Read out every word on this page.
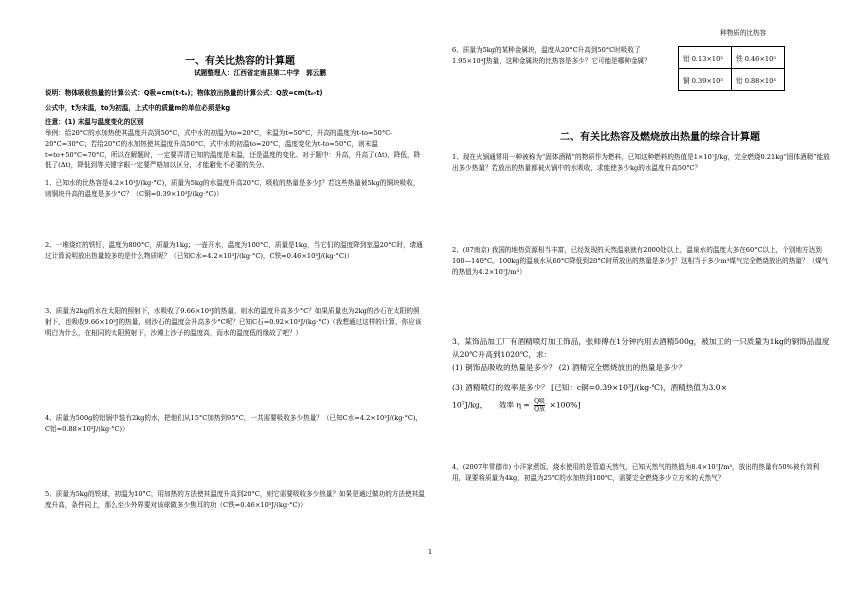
一、有关比热容的计算题

试题整理人：江西省定南县第二中学　郭云鹏

说明：物体吸收热量的计算公式：Q吸=cm(t-t₀)；物体放出热量的计算公式：Q放=cm(t₀-t)

公式中，t为末温，to为初温，上式中的质量m的单位必须是kg

注意：(1) 末温与温度变化的区别

举例：给20°C的水加热使其温度升高到50°C，式中水的初温为to=20°C，末温为t=50°C，升高的温度为t-to=50°C-20°C=30°C；若给20°C的水加热使其温度升高50°C，式中水的初温to=20°C，温度变化为t-to=50°C，则末温t=to+50°C=70°C，所以在解题时，一定要弄清已知的温度是末温，还是温度的变化。对于题中：升高，升高了(Δt)，降低，降低了(Δt)，降低到等关键字眼一定要严格加以区分，才能避免不必要的失分。

1、已知水的比热容是4.2×10³J/(kg·°C)，质量为5kg的水温度升高20°C，吸收的热量是多少J？若这些热量被5kg的铜块吸收，则铜块升高的温度是多少°C？（C铜=0.39×10³J/(kg·°C)）

2、一堆烧红的铁钉，温度为800°C，质量为1kg；一壶开水，温度为100°C，质量是1kg，当它们的温度降到室温20°C时，请通过计算说明放出热量较多的是什么物质呢？（已知C水=4.2×10³J/(kg·°C)，C铁=0.46×10³J/(kg·°C)）

3、质量为2kg的水在太阳的照射下，水吸收了9.66×10³J的热量，则水的温度升高多少°C？如果质量也为2kg的沙石在太阳的照射下，也吸收9.66×10³J的热量，则沙石的温度会升高多少°C呢？已知C石=0.92×10³J/(kg·°C)（我想通过这样的计算，你应该明白为什么，在相同的太阳照射下，沙滩上沙子的温度高，而水的温度低的缘故了吧？）

4、质量为500g的铝锅中装有2kg的水，把他们从15°C加热到95°C，一共需要吸收多少热量？（已知C水=4.2×10³J/(kg·°C)，C铝=0.88×10³J/(kg·°C)）

5、质量为5kg的铁球，初温为10°C，用加热的方法使其温度升高到20°C，则它需要吸收多少热量？如果是通过做功的方法使其温度升高，条件同上，那么至少外界要对该球做多少焦耳的功（C铁=0.46×10³J/(kg·°C)）

6、质量为5kg的某种金属块，温度从20°C升高到50°C时吸收了1.95×10⁴J热量，这种金属块的比热容是多少？它可能是哪种金属？

种物质的比热容

铝 0.13×10³	铁 0.46×10³
铜 0.39×10³	铝 0.88×10³
二、有关比热容及燃烧放出热量的综合计算题

1、现在火锅通常用一种被称为“固体酒精”的物质作为燃料，已知这种燃料的热值是1×10⁷J/kg，完全燃烧0.21kg“固体酒精”能放出多少热量？若放出的热量都被火锅中的水吸收，求能使多少kg的水温度升高50°C？

2、(07南京) 我国的地热资源相当丰富，已经发现的天然温泉就有2000处以上，温泉水的温度大多在60°C以上，个别地方达到100—140°C。100kg的温泉水从60°C降低到20°C时所放出的热量是多少J？这相当于多少m³煤气完全燃烧放出的热量？（煤气的热值为4.2×10⁷J/m³）

3、某饰品加工厂有酒精喷灯加工饰品，张师傅在1分钟内用去酒精500g，被加工的一只质量为1kg的铜饰品温度从20℃升高到1020℃，求：

(1) 铜饰品吸收的热量是多少？ (2) 酒精完全燃烧放出的热量是多少？

(3) 酒精喷灯的效率是多少？ [已知：c铜=0.39×10³J/(kg·℃)，酒精热值为3.0×

10⁷J/kg，　　效率 $\eta = \frac{\text{Q吸}}{\text{Q放}} \times 100\%$]

4、(2007年常德市) 小洋家煮饭、烧水使用的是管道天然气，已知天然气的热值为8.4×10⁷J/m³，放出的热量有50%被有效利用，现要将质量为4kg，初温为25℃的水加热到100℃，需要完全燃烧多少立方米的天然气？

1
